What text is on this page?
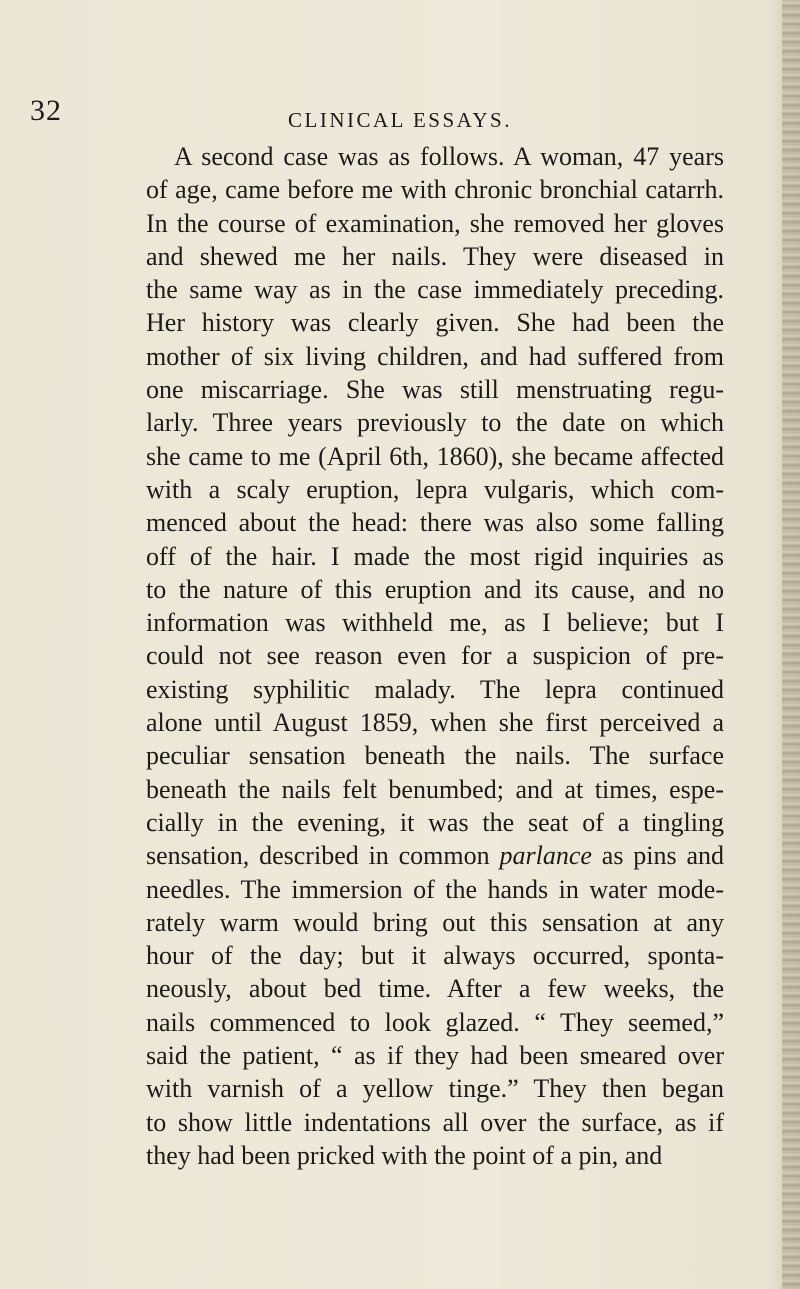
32	CLINICAL ESSAYS.
A second case was as follows. A woman, 47 years
of age, came before me with chronic bronchial catarrh.
In the course of examination, she removed her gloves
and shewed me her nails. They were diseased in
the same way as in the case immediately preceding.
Her history was clearly given. She had been the
mother of six living children, and had suffered from
one miscarriage. She was still menstruating regu-
larly. Three years previously to the date on which
she came to me (April 6th, 1860), she became affected
with a scaly eruption, lepra vulgaris, which com-
menced about the head: there was also some falling
off of the hair. I made the most rigid inquiries as
to the nature of this eruption and its cause, and no
information was withheld me, as I believe; but I
could not see reason even for a suspicion of pre-
existing syphilitic malady. The lepra continued
alone until August 1859, when she first perceived a
peculiar sensation beneath the nails. The surface
beneath the nails felt benumbed; and at times, espe-
cially in the evening, it was the seat of a tingling
sensation, described in common parlance as pins and
needles. The immersion of the hands in water mode-
rately warm would bring out this sensation at any
hour of the day; but it always occurred, sponta-
neously, about bed time. After a few weeks, the
nails commenced to look glazed. “ They seemed,”
said the patient, “ as if they had been smeared over
with varnish of a yellow tinge.” They then began
to show little indentations all over the surface, as if
they had been pricked with the point of a pin, and
